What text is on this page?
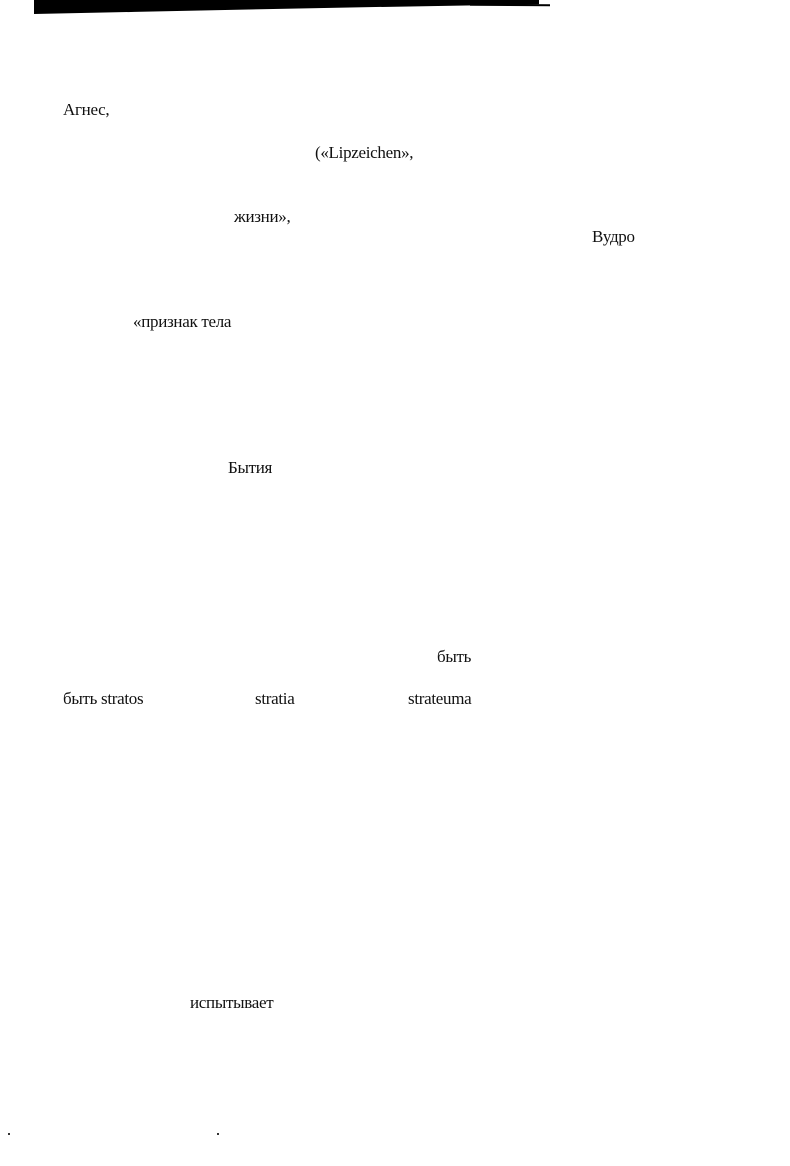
Агнес,
(«Lipzeichen»,
жизни»,
Вудро
«признак тела
Бытия
быть
быть stratos	stratia	strateuma
испытывает
